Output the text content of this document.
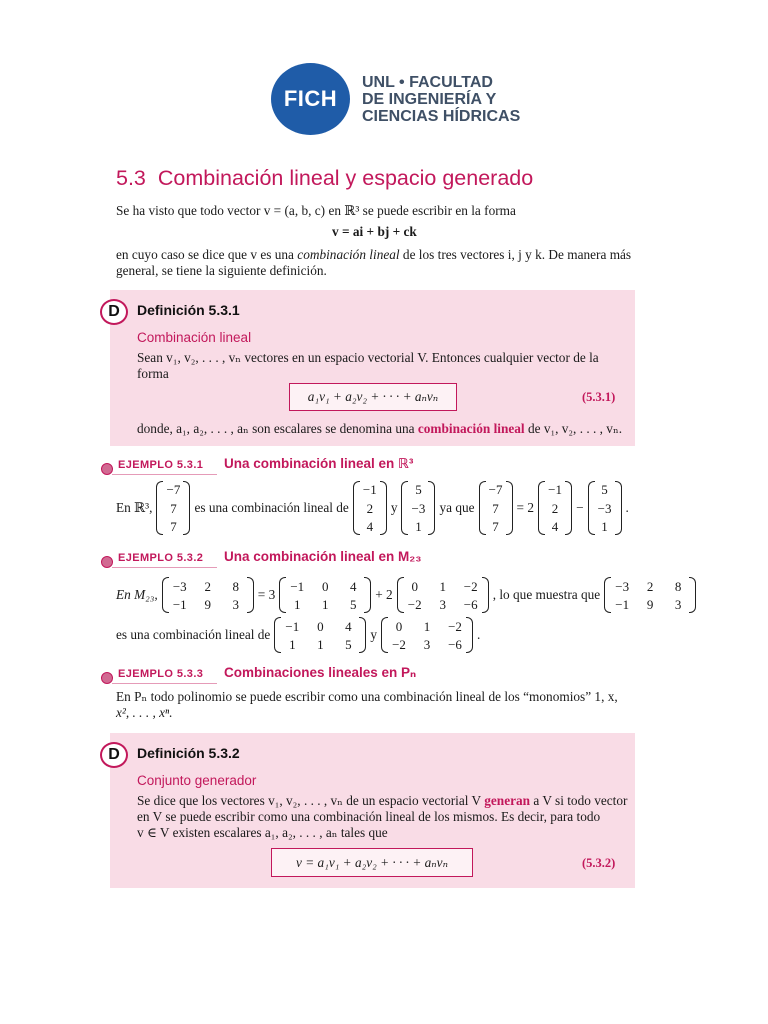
FICH
UNL • FACULTAD
DE INGENIERÍA Y
CIENCIAS HÍDRICAS
5.3 Combinación lineal y espacio generado
Se ha visto que todo vector v = (a, b, c) en ℝ³ se puede escribir en la forma
v = ai + bj + ck
en cuyo caso se dice que v es una combinación lineal de los tres vectores i, j y k. De manera más
general, se tiene la siguiente definición.
D Definición 5.3.1
Combinación lineal
Sean v₁, v₂, . . . , vₙ vectores en un espacio vectorial V. Entonces cualquier vector de la
forma
a₁v₁ + a₂v₂ + · · · + aₙvₙ	(5.3.1)
donde, a₁, a₂, . . . , aₙ son escalares se denomina una combinación lineal de v₁, v₂, . . . , vₙ.
EJEMPLO 5.3.1 Una combinación lineal en ℝ³
En ℝ³,
−7
7
7
es una combinación lineal de
−1
2
4
y
5
−3
1
ya que
−7
7
7
= 2
−1
2
4
−
5
−3
1
.
EJEMPLO 5.3.2 Una combinación lineal en M₂₃
En M₂₃,
−3 2 8
−1 9 3
= 3
−1 0 4
1 1 5
+ 2
0 1 −2
−2 3 −6
, lo que muestra que
−3 2 8
−1 9 3
es una combinación lineal de
−1 0 4
1 1 5
y
0 1 −2
−2 3 −6
.
EJEMPLO 5.3.3 Combinaciones lineales en Pₙ
En Pₙ todo polinomio se puede escribir como una combinación lineal de los “monomios” 1, x,
x², . . . , xⁿ.
D Definición 5.3.2
Conjunto generador
Se dice que los vectores v₁, v₂, . . . , vₙ de un espacio vectorial V generan a V si todo vector
en V se puede escribir como una combinación lineal de los mismos. Es decir, para todo
v ∈ V existen escalares a₁, a₂, . . . , aₙ tales que
v = a₁v₁ + a₂v₂ + · · · + aₙvₙ	(5.3.2)
